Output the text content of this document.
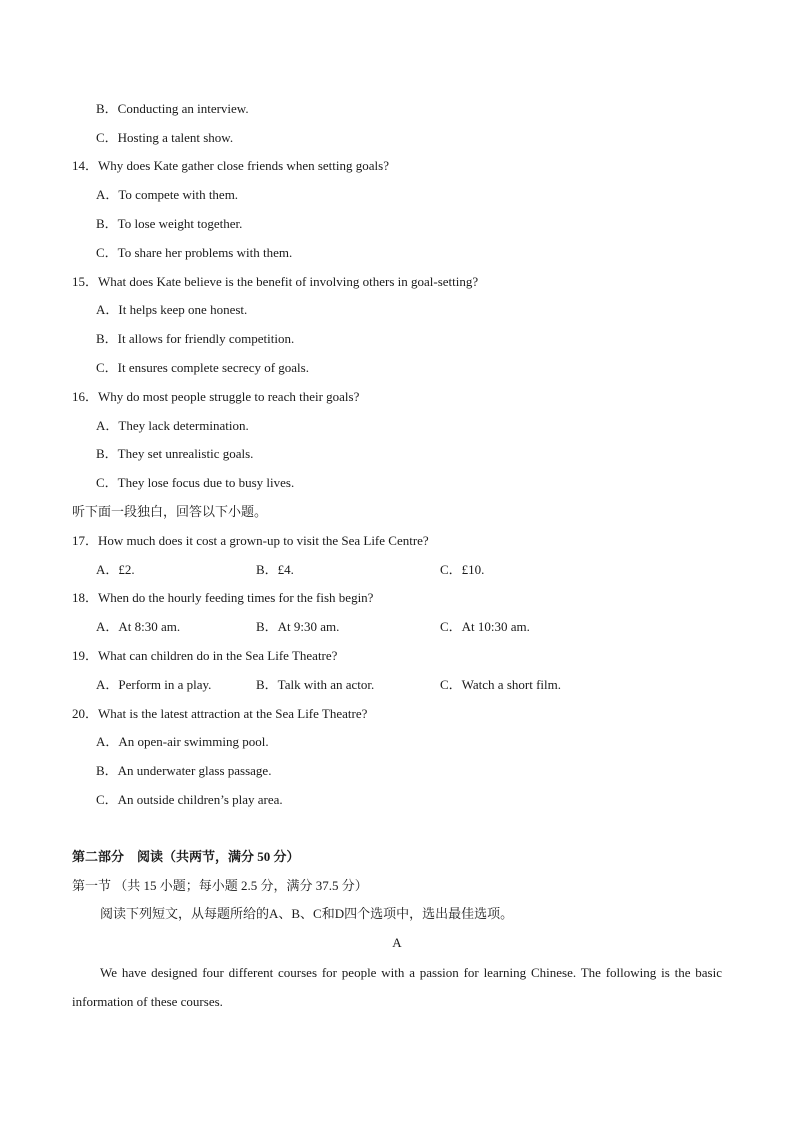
B．Conducting an interview.
C．Hosting a talent show.
14．Why does Kate gather close friends when setting goals?
A．To compete with them.
B．To lose weight together.
C．To share her problems with them.
15．What does Kate believe is the benefit of involving others in goal-setting?
A．It helps keep one honest.
B．It allows for friendly competition.
C．It ensures complete secrecy of goals.
16．Why do most people struggle to reach their goals?
A．They lack determination.
B．They set unrealistic goals.
C．They lose focus due to busy lives.
听下面一段独白，回答以下小题。
17．How much does it cost a grown-up to visit the Sea Life Centre?
A．£2.	B．£4.	C．£10.
18．When do the hourly feeding times for the fish begin?
A．At 8:30 am.	B．At 9:30 am.	C．At 10:30 am.
19．What can children do in the Sea Life Theatre?
A．Perform in a play.	B．Talk with an actor.	C．Watch a short film.
20．What is the latest attraction at the Sea Life Theatre?
A．An open-air swimming pool.
B．An underwater glass passage.
C．An outside children’s play area.
第二部分　阅读（共两节，满分 50 分）
第一节 （共 15 小题；每小题 2.5 分，满分 37.5 分）
阅读下列短文，从每题所给的A、B、C和D四个选项中，选出最佳选项。
A
We have designed four different courses for people with a passion for learning Chinese. The following is the basic information of these courses.
